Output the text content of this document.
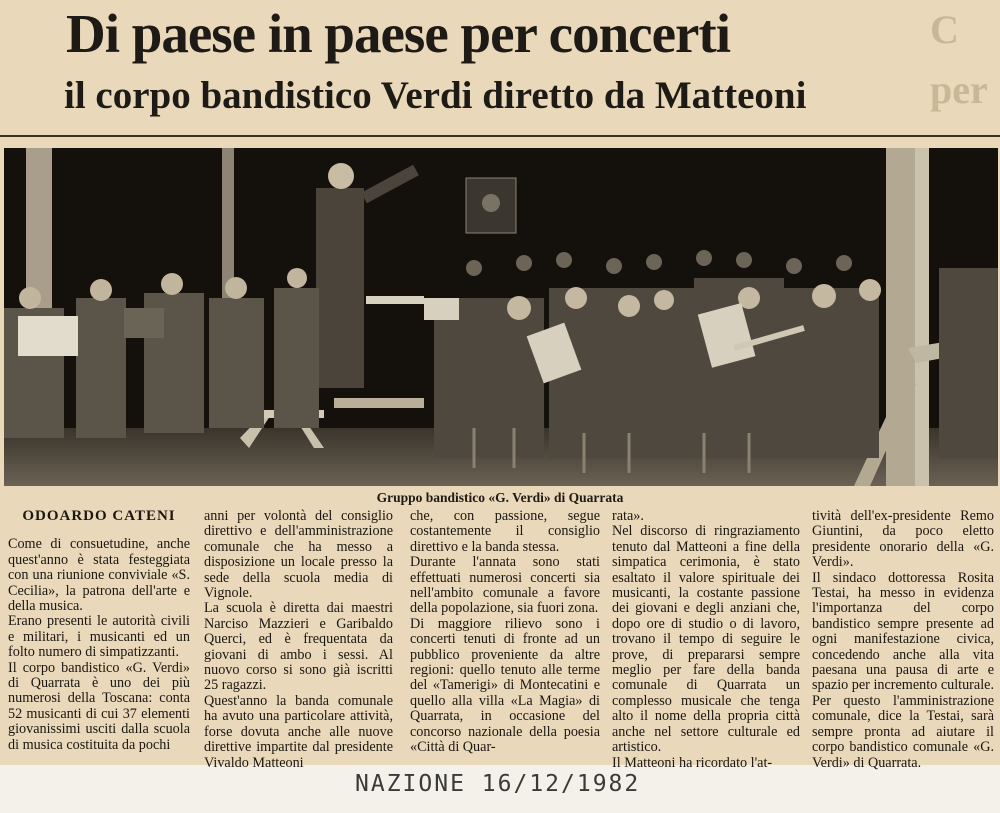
C
per
Di paese in paese per concerti
il corpo bandistico Verdi diretto da Matteoni
Gruppo bandistico «G. Verdi» di Quarrata

ODOARDO CATENI

Come di consuetudine, anche quest'anno è stata festeggiata con una riunione conviviale «S. Cecilia», la patrona dell'arte e della musica.

Erano presenti le autorità civili e militari, i musicanti ed un folto numero di simpatizzanti.

Il corpo bandistico «G. Verdi» di Quarrata è uno dei più numerosi della Toscana: conta 52 musicanti di cui 37 elementi giovanissimi usciti dalla scuola di musica costituita da pochi

anni per volontà del consiglio direttivo e dell'amministrazione comunale che ha messo a disposizione un locale presso la sede della scuola media di Vignole.

La scuola è diretta dai maestri Narciso Mazzieri e Garibaldo Querci, ed è frequentata da giovani di ambo i sessi. Al nuovo corso si sono già iscritti 25 ragazzi.

Quest'anno la banda comunale ha avuto una particolare attività, forse dovuta anche alle nuove direttive impartite dal presidente Vivaldo Matteoni

che, con passione, segue costantemente il consiglio direttivo e la banda stessa.

Durante l'annata sono stati effettuati numerosi concerti sia nell'ambito comunale a favore della popolazione, sia fuori zona.

Di maggiore rilievo sono i concerti tenuti di fronte ad un pubblico proveniente da altre regioni: quello tenuto alle terme del «Tamerigi» di Montecatini e quello alla villa «La Magia» di Quarrata, in occasione del concorso nazionale della poesia «Città di Quar-

rata».

Nel discorso di ringraziamento tenuto dal Matteoni a fine della simpatica cerimonia, è stato esaltato il valore spirituale dei musicanti, la costante passione dei giovani e degli anziani che, dopo ore di studio o di lavoro, trovano il tempo di seguire le prove, di prepararsi sempre meglio per fare della banda comunale di Quarrata un complesso musicale che tenga alto il nome della propria città anche nel settore culturale ed artistico.

Il Matteoni ha ricordato l'at-

tività dell'ex-presidente Remo Giuntini, da poco eletto presidente onorario della «G. Verdi».

Il sindaco dottoressa Rosita Testai, ha messo in evidenza l'importanza del corpo bandistico sempre presente ad ogni manifestazione civica, concedendo anche alla vita paesana una pausa di arte e spazio per incremento culturale.

Per questo l'amministrazione comunale, dice la Testai, sarà sempre pronta ad aiutare il corpo bandistico comunale «G. Verdi» di Quarrata.

NAZIONE 16/12/1982
